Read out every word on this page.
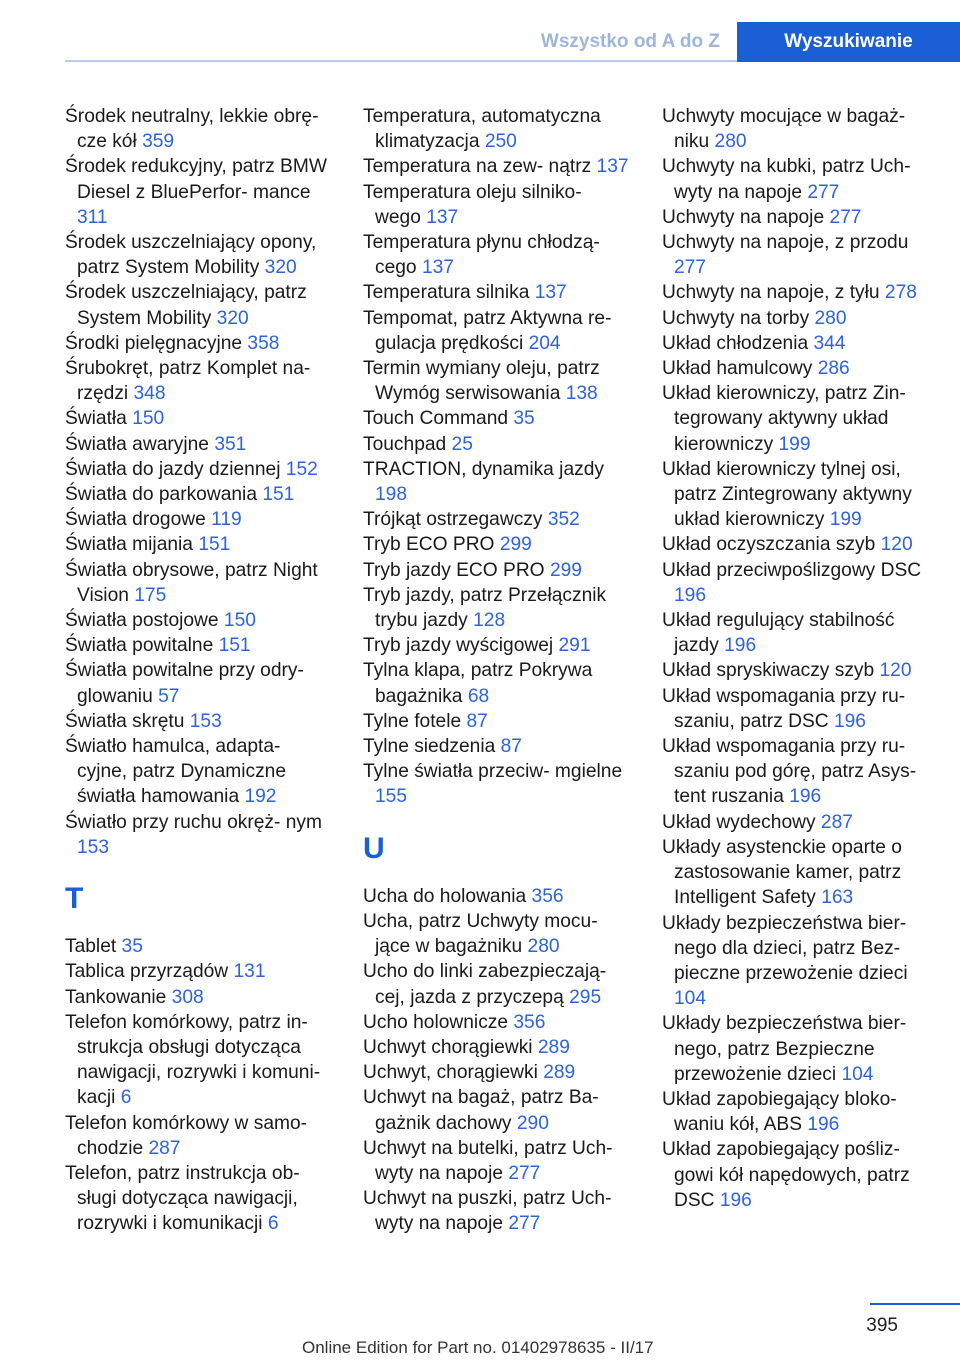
Wszystko od A do Z	Wyszukiwanie
Środek neutralny, lekkie obrę‐ cze kół 359
Środek redukcyjny, patrz BMW Diesel z BluePerfor‐ mance 311
Środek uszczelniający opony, patrz System Mobility 320
Środek uszczelniający, patrz System Mobility 320
Środki pielęgnacyjne 358
Śrubokręt, patrz Komplet na‐ rzędzi 348
Światła 150
Światła awaryjne 351
Światła do jazdy dziennej 152
Światła do parkowania 151
Światła drogowe 119
Światła mijania 151
Światła obrysowe, patrz Night Vision 175
Światła postojowe 150
Światła powitalne 151
Światła powitalne przy odry‐ glowaniu 57
Światła skrętu 153
Światło hamulca, adapta‐ cyjne, patrz Dynamiczne światła hamowania 192
Światło przy ruchu okręż‐ nym 153
T
Tablet 35
Tablica przyrządów 131
Tankowanie 308
Telefon komórkowy, patrz in‐ strukcja obsługi dotycząca nawigacji, rozrywki i komuni‐ kacji 6
Telefon komórkowy w samo‐ chodzie 287
Telefon, patrz instrukcja ob‐ sługi dotycząca nawigacji, rozrywki i komunikacji 6
Temperatura, automatyczna klimatyzacja 250
Temperatura na zew‐ nątrz 137
Temperatura oleju silniko‐ wego 137
Temperatura płynu chłodzą‐ cego 137
Temperatura silnika 137
Tempomat, patrz Aktywna re‐ gulacja prędkości 204
Termin wymiany oleju, patrz Wymóg serwisowania 138
Touch Command 35
Touchpad 25
TRACTION, dynamika jazdy 198
Trójkąt ostrzegawczy 352
Tryb ECO PRO 299
Tryb jazdy ECO PRO 299
Tryb jazdy, patrz Przełącznik trybu jazdy 128
Tryb jazdy wyścigowej 291
Tylna klapa, patrz Pokrywa bagażnika 68
Tylne fotele 87
Tylne siedzenia 87
Tylne światła przeciw‐ mgielne 155
U
Ucha do holowania 356
Ucha, patrz Uchwyty mocu‐ jące w bagażniku 280
Ucho do linki zabezpieczają‐ cej, jazda z przyczepą 295
Ucho holownicze 356
Uchwyt chorągiewki 289
Uchwyt, chorągiewki 289
Uchwyt na bagaż, patrz Ba‐ gażnik dachowy 290
Uchwyt na butelki, patrz Uch‐ wyty na napoje 277
Uchwyt na puszki, patrz Uch‐ wyty na napoje 277
Uchwyty mocujące w bagaż‐ niku 280
Uchwyty na kubki, patrz Uch‐ wyty na napoje 277
Uchwyty na napoje 277
Uchwyty na napoje, z przodu 277
Uchwyty na napoje, z tyłu 278
Uchwyty na torby 280
Układ chłodzenia 344
Układ hamulcowy 286
Układ kierowniczy, patrz Zin‐ tegrowany aktywny układ kierowniczy 199
Układ kierowniczy tylnej osi, patrz Zintegrowany aktywny układ kierowniczy 199
Układ oczyszczania szyb 120
Układ przeciwpoślizgowy DSC 196
Układ regulujący stabilność jazdy 196
Układ spryskiwaczy szyb 120
Układ wspomagania przy ru‐ szaniu, patrz DSC 196
Układ wspomagania przy ru‐ szaniu pod górę, patrz Asys‐ tent ruszania 196
Układ wydechowy 287
Układy asystenckie oparte o zastosowanie kamer, patrz Intelligent Safety 163
Układy bezpieczeństwa bier‐ nego dla dzieci, patrz Bez‐ pieczne przewożenie dzieci 104
Układy bezpieczeństwa bier‐ nego, patrz Bezpieczne przewożenie dzieci 104
Układ zapobiegający bloko‐ waniu kół, ABS 196
Układ zapobiegający pośliz‐ gowi kół napędowych, patrz DSC 196
395
Online Edition for Part no. 01402978635 - II/17
